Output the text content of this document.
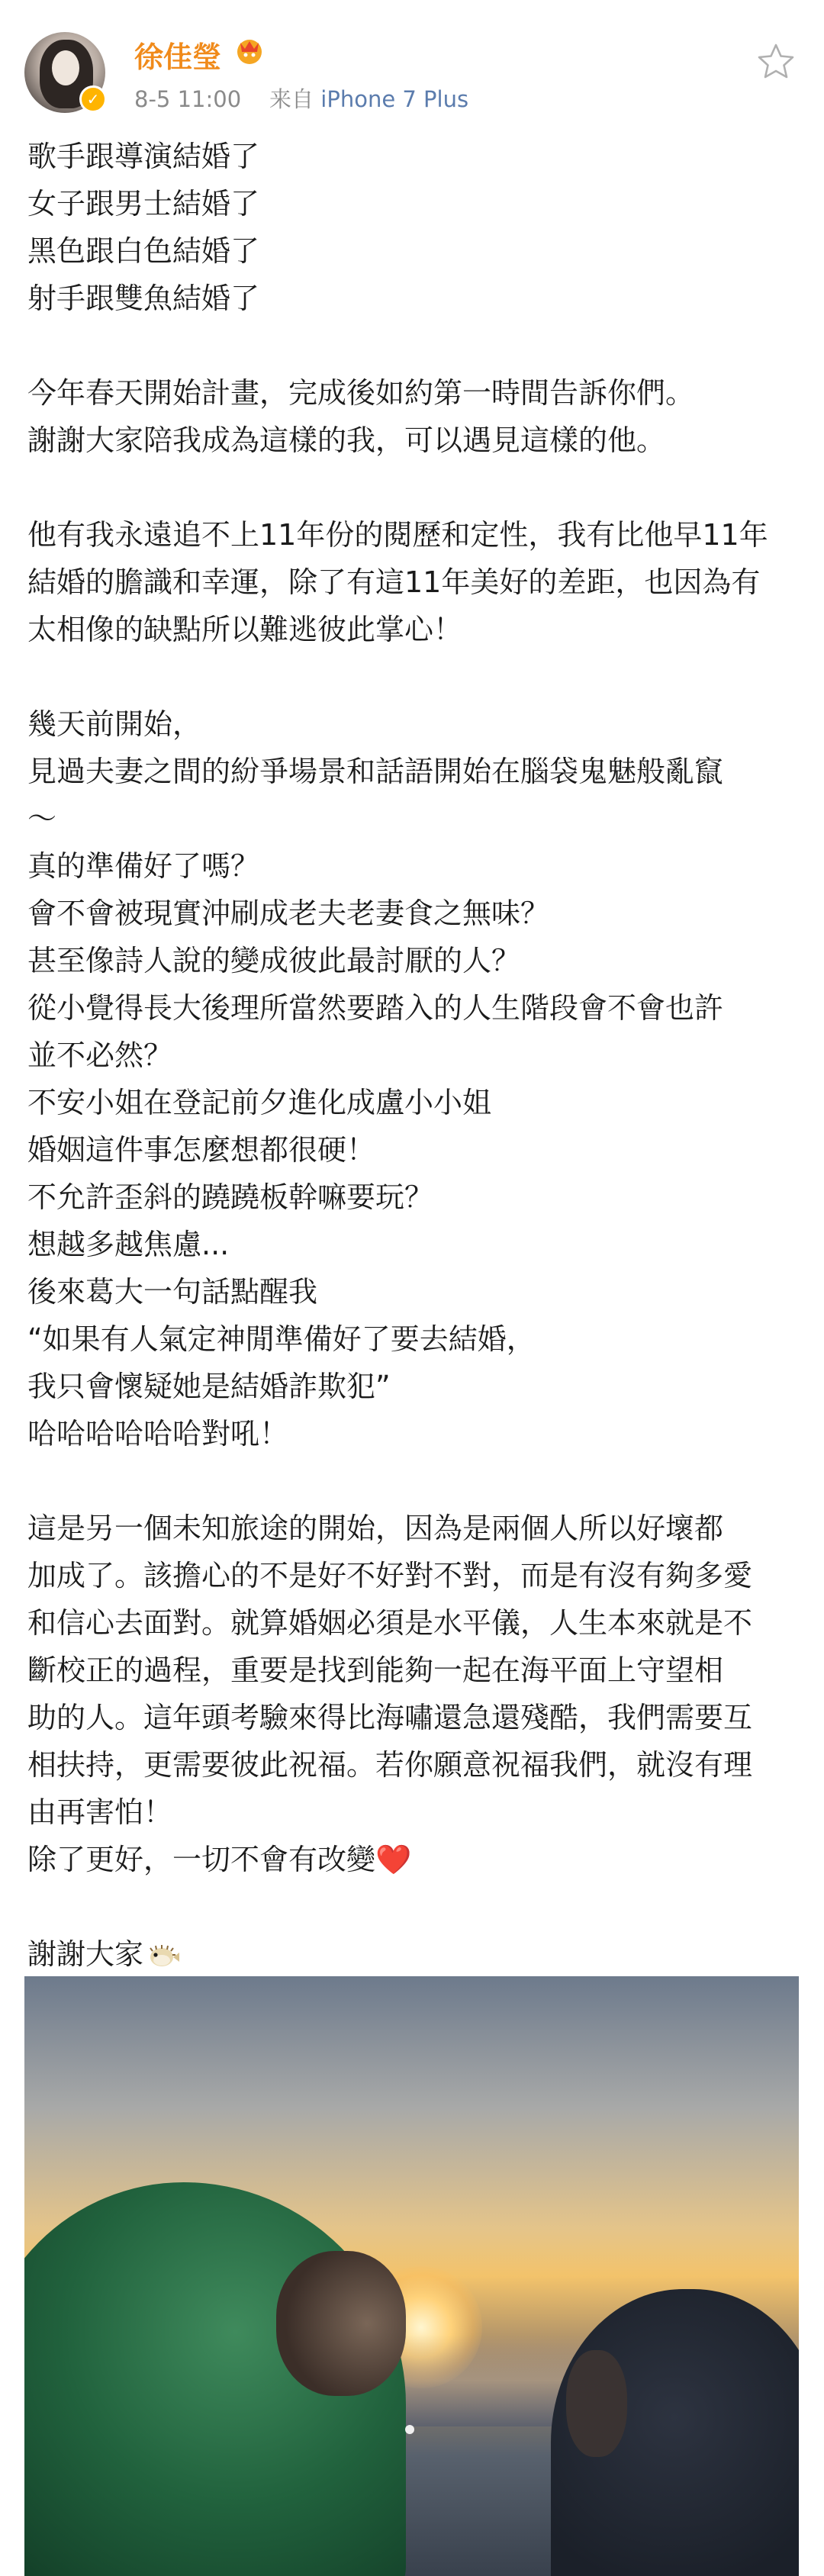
✓
徐佳瑩
8-5 11:00 来自 iPhone 7 Plus
歌手跟導演結婚了
女子跟男士結婚了
黑色跟白色結婚了
射手跟雙魚結婚了
今年春天開始計畫，完成後如約第一時間告訴你們。
謝謝大家陪我成為這樣的我，可以遇見這樣的他。
他有我永遠追不上11年份的閱歷和定性，我有比他早11年
結婚的膽識和幸運，除了有這11年美好的差距，也因為有
太相像的缺點所以難逃彼此掌心！
幾天前開始，
見過夫妻之間的紛爭場景和話語開始在腦袋鬼魅般亂竄
～
真的準備好了嗎？
會不會被現實沖刷成老夫老妻食之無味？
甚至像詩人說的變成彼此最討厭的人？
從小覺得長大後理所當然要踏入的人生階段會不會也許
並不必然？
不安小姐在登記前夕進化成盧小小姐
婚姻這件事怎麼想都很硬！
不允許歪斜的蹺蹺板幹嘛要玩？
想越多越焦慮...
後來葛大一句話點醒我
“如果有人氣定神閒準備好了要去結婚，
我只會懷疑她是結婚詐欺犯”
哈哈哈哈哈哈對吼！
這是另一個未知旅途的開始，因為是兩個人所以好壞都
加成了。該擔心的不是好不好對不對，而是有沒有夠多愛
和信心去面對。就算婚姻必須是水平儀，人生本來就是不
斷校正的過程，重要是找到能夠一起在海平面上守望相
助的人。這年頭考驗來得比海嘯還急還殘酷，我們需要互
相扶持，更需要彼此祝福。若你願意祝福我們，就沒有理
由再害怕！
除了更好，一切不會有改變❤️
謝謝大家
